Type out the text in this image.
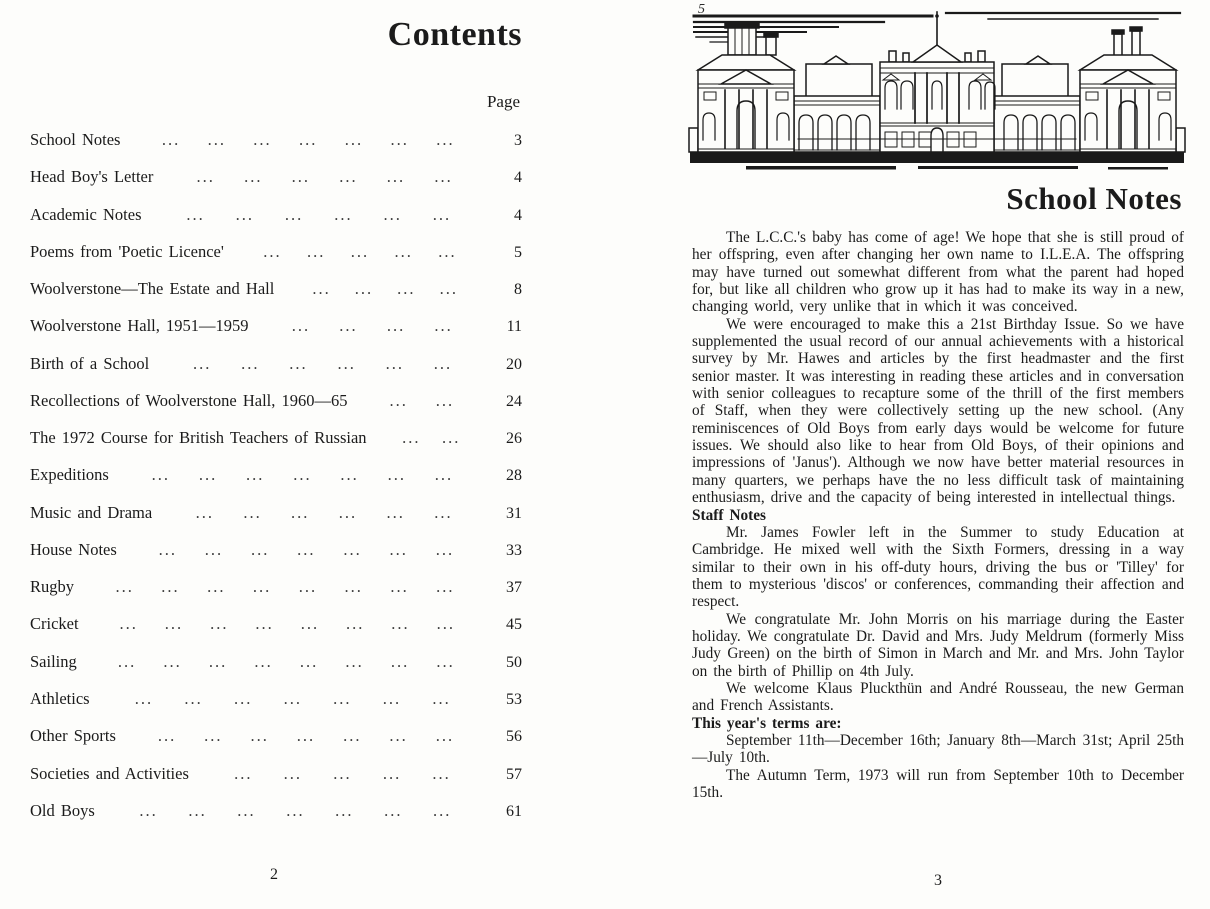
Contents
Page
School Notes	... ... ... ... ... ... ...	3
Head Boy's Letter	... ... ... ... ... ...	4
Academic Notes	... ... ... ... ... ...	4
Poems from 'Poetic Licence' ... ... ... ... ...	5
Woolverstone—The Estate and Hall ... ... ... ...	8
Woolverstone Hall, 1951—1959	... ... ... ...	11
Birth of a School	... ... ... ... ... ...	20
Recollections of Woolverstone Hall, 1960—65	... ...	24
The 1972 Course for British Teachers of Russian ... ...	26
Expeditions	... ... ... ... ... ... ...	28
Music and Drama	... ... ... ... ... ...	31
House Notes	... ... ... ... ... ... ...	33
Rugby	... ... ... ... ... ... ... ...	37
Cricket ... ... ... ... ... ... ... ...	45
Sailing ... ... ... ... ... ... ... ...	50
Athletics	... ... ... ... ... ... ...	53
Other Sports	... ... ... ... ... ... ...	56
Societies and Activities	... ... ... ... ...	57
Old Boys	... ... ... ... ... ... ...	61
2
5
School Notes

The L.C.C.'s baby has come of age! We hope that she is still proud of her offspring, even after changing her own name to I.L.E.A. The offspring may have turned out somewhat different from what the parent had hoped for, but like all children who grow up it has had to make its way in a new, changing world, very unlike that in which it was conceived.

We were encouraged to make this a 21st Birthday Issue. So we have supplemented the usual record of our annual achievements with a historical survey by Mr. Hawes and articles by the first headmaster and the first senior master. It was interesting in reading these articles and in conversation with senior colleagues to recapture some of the thrill of the first members of Staff, when they were collectively setting up the new school. (Any reminiscences of Old Boys from early days would be welcome for future issues. We should also like to hear from Old Boys, of their opinions and impressions of 'Janus'). Although we now have better material resources in many quarters, we perhaps have the no less difficult task of maintaining enthusiasm, drive and the capacity of being interested in intellectual things.

Staff Notes

Mr. James Fowler left in the Summer to study Education at Cambridge. He mixed well with the Sixth Formers, dressing in a way similar to their own in his off-duty hours, driving the bus or 'Tilley' for them to mysterious 'discos' or conferences, commanding their affection and respect.

We congratulate Mr. John Morris on his marriage during the Easter holiday. We congratulate Dr. David and Mrs. Judy Meldrum (formerly Miss Judy Green) on the birth of Simon in March and Mr. and Mrs. John Taylor on the birth of Phillip on 4th July.

We welcome Klaus Pluckthün and André Rousseau, the new German and French Assistants.

This year's terms are:

September 11th—December 16th; January 8th—March 31st; April 25th—July 10th.

The Autumn Term, 1973 will run from September 10th to December 15th.

3
